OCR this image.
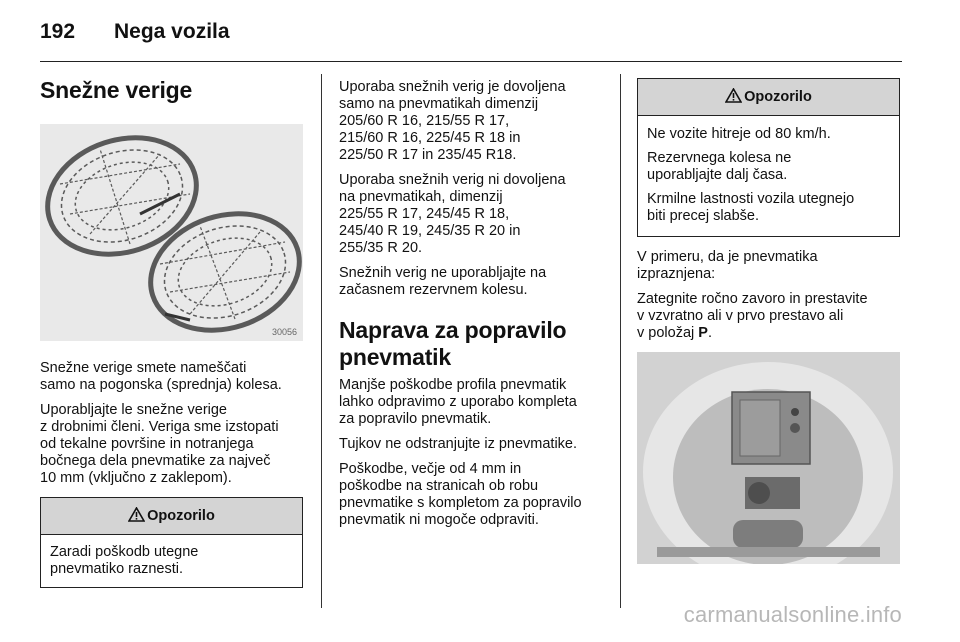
192 Nega vozila
Snežne verige
30056

Snežne verige smete nameščati
samo na pogonska (sprednja) kolesa.

Uporabljajte le snežne verige
z drobnimi členi. Veriga sme izstopati
od tekalne površine in notranjega
bočnega dela pnevmatike za največ
10 mm (vključno z zaklepom).

Opozorilo

Zaradi poškodb utegne
pnevmatiko raznesti.

Uporaba snežnih verig je dovoljena
samo na pnevmatikah dimenzij
205/60 R 16, 215/55 R 17,
215/60 R 16, 225/45 R 18 in
225/50 R 17 in 235/45 R18.

Uporaba snežnih verig ni dovoljena
na pnevmatikah, dimenzij
225/55 R 17, 245/45 R 18,
245/40 R 19, 245/35 R 20 in
255/35 R 20.

Snežnih verig ne uporabljajte na
začasnem rezervnem kolesu.

Naprava za popravilo
pnevmatik

Manjše poškodbe profila pnevmatik
lahko odpravimo z uporabo kompleta
za popravilo pnevmatik.

Tujkov ne odstranjujte iz pnevmatike.

Poškodbe, večje od 4 mm in
poškodbe na stranicah ob robu
pnevmatike s kompletom za popravilo
pnevmatik ni mogoče odpraviti.

Opozorilo

Ne vozite hitreje od 80 km/h.

Rezervnega kolesa ne
uporabljajte dalj časa.

Krmilne lastnosti vozila utegnejo
biti precej slabše.

V primeru, da je pnevmatika
izpraznjena:

Zategnite ročno zavoro in prestavite
v vzvratno ali v prvo prestavo ali
v položaj P.

carmanualsonline.info
